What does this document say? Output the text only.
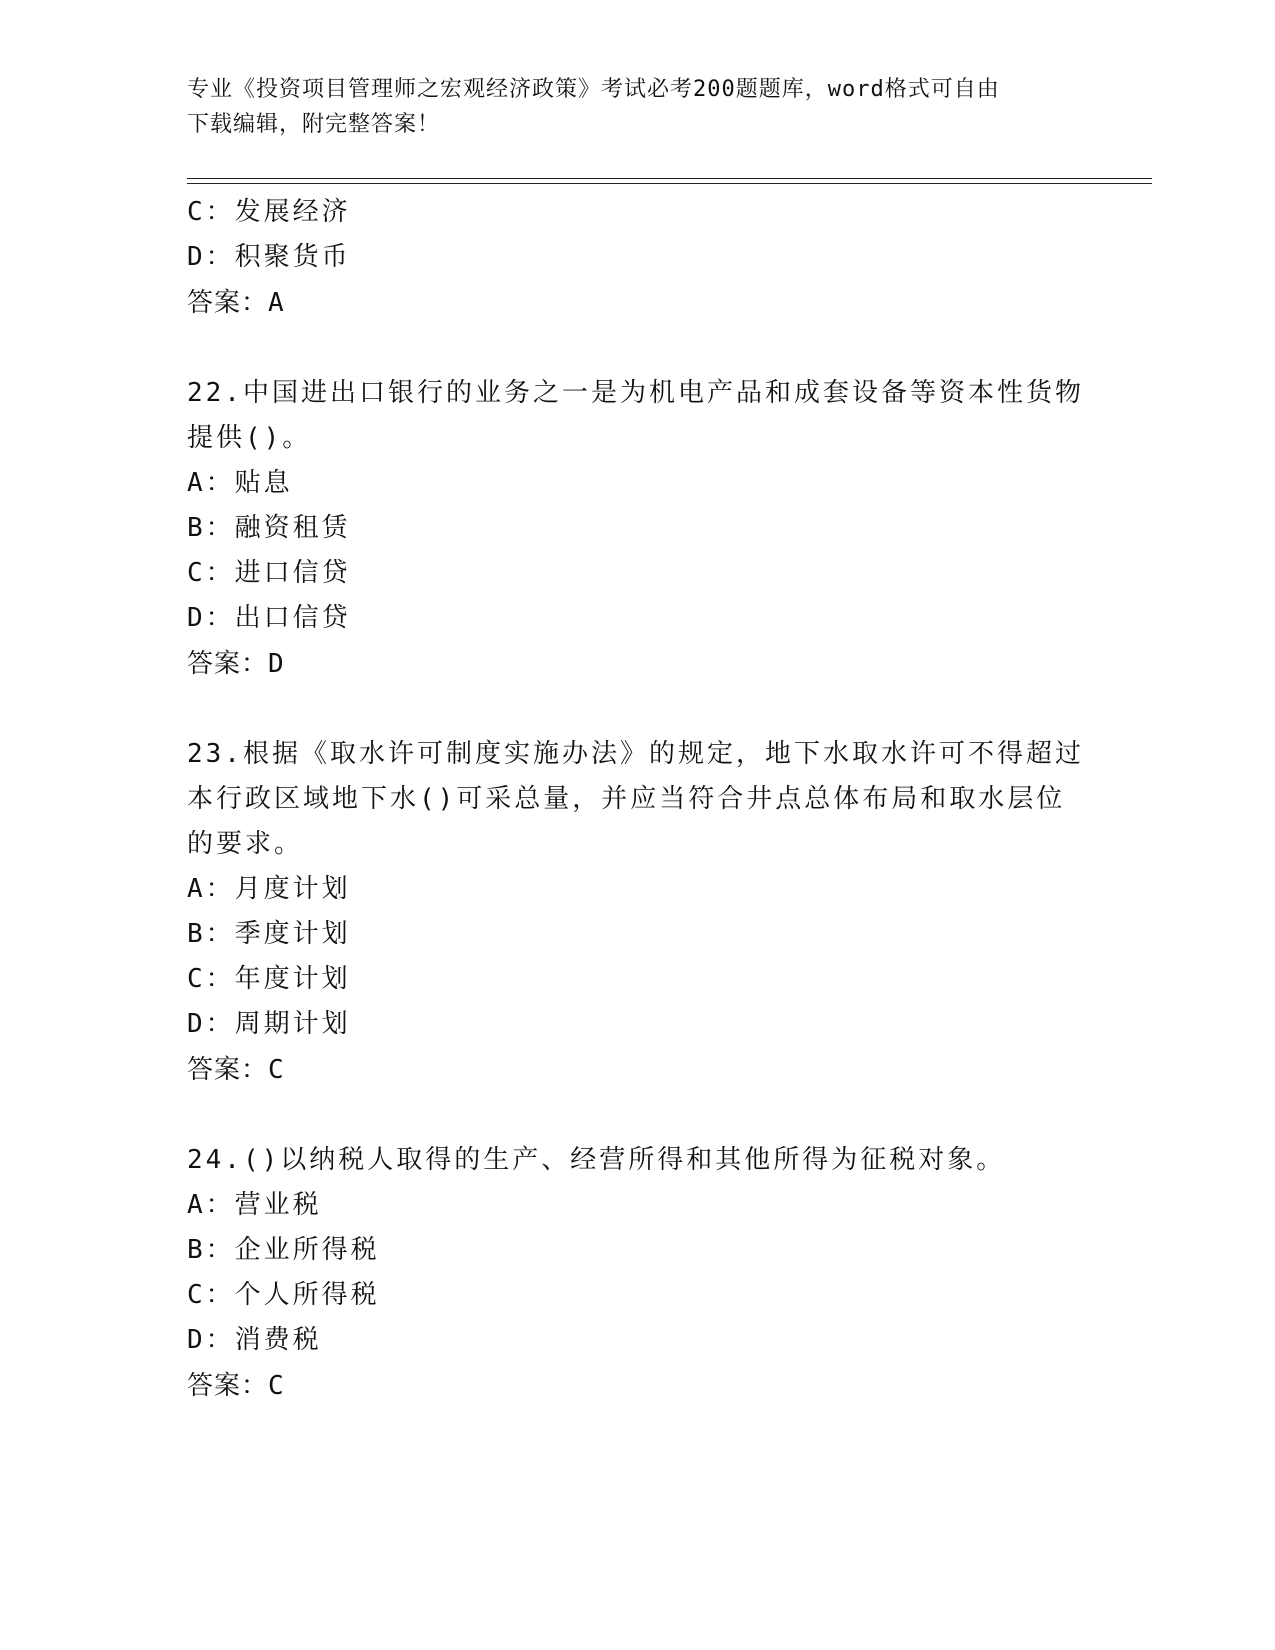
专业《投资项目管理师之宏观经济政策》考试必考200题题库，word格式可自由
下载编辑，附完整答案！
C：发展经济
D：积聚货币
答案：A
22.中国进出口银行的业务之一是为机电产品和成套设备等资本性货物
提供()。
A：贴息
B：融资租赁
C：进口信贷
D：出口信贷
答案：D
23.根据《取水许可制度实施办法》的规定，地下水取水许可不得超过
本行政区域地下水()可采总量，并应当符合井点总体布局和取水层位
的要求。
A：月度计划
B：季度计划
C：年度计划
D：周期计划
答案：C
24.()以纳税人取得的生产、经营所得和其他所得为征税对象。
A：营业税
B：企业所得税
C：个人所得税
D：消费税
答案：C
